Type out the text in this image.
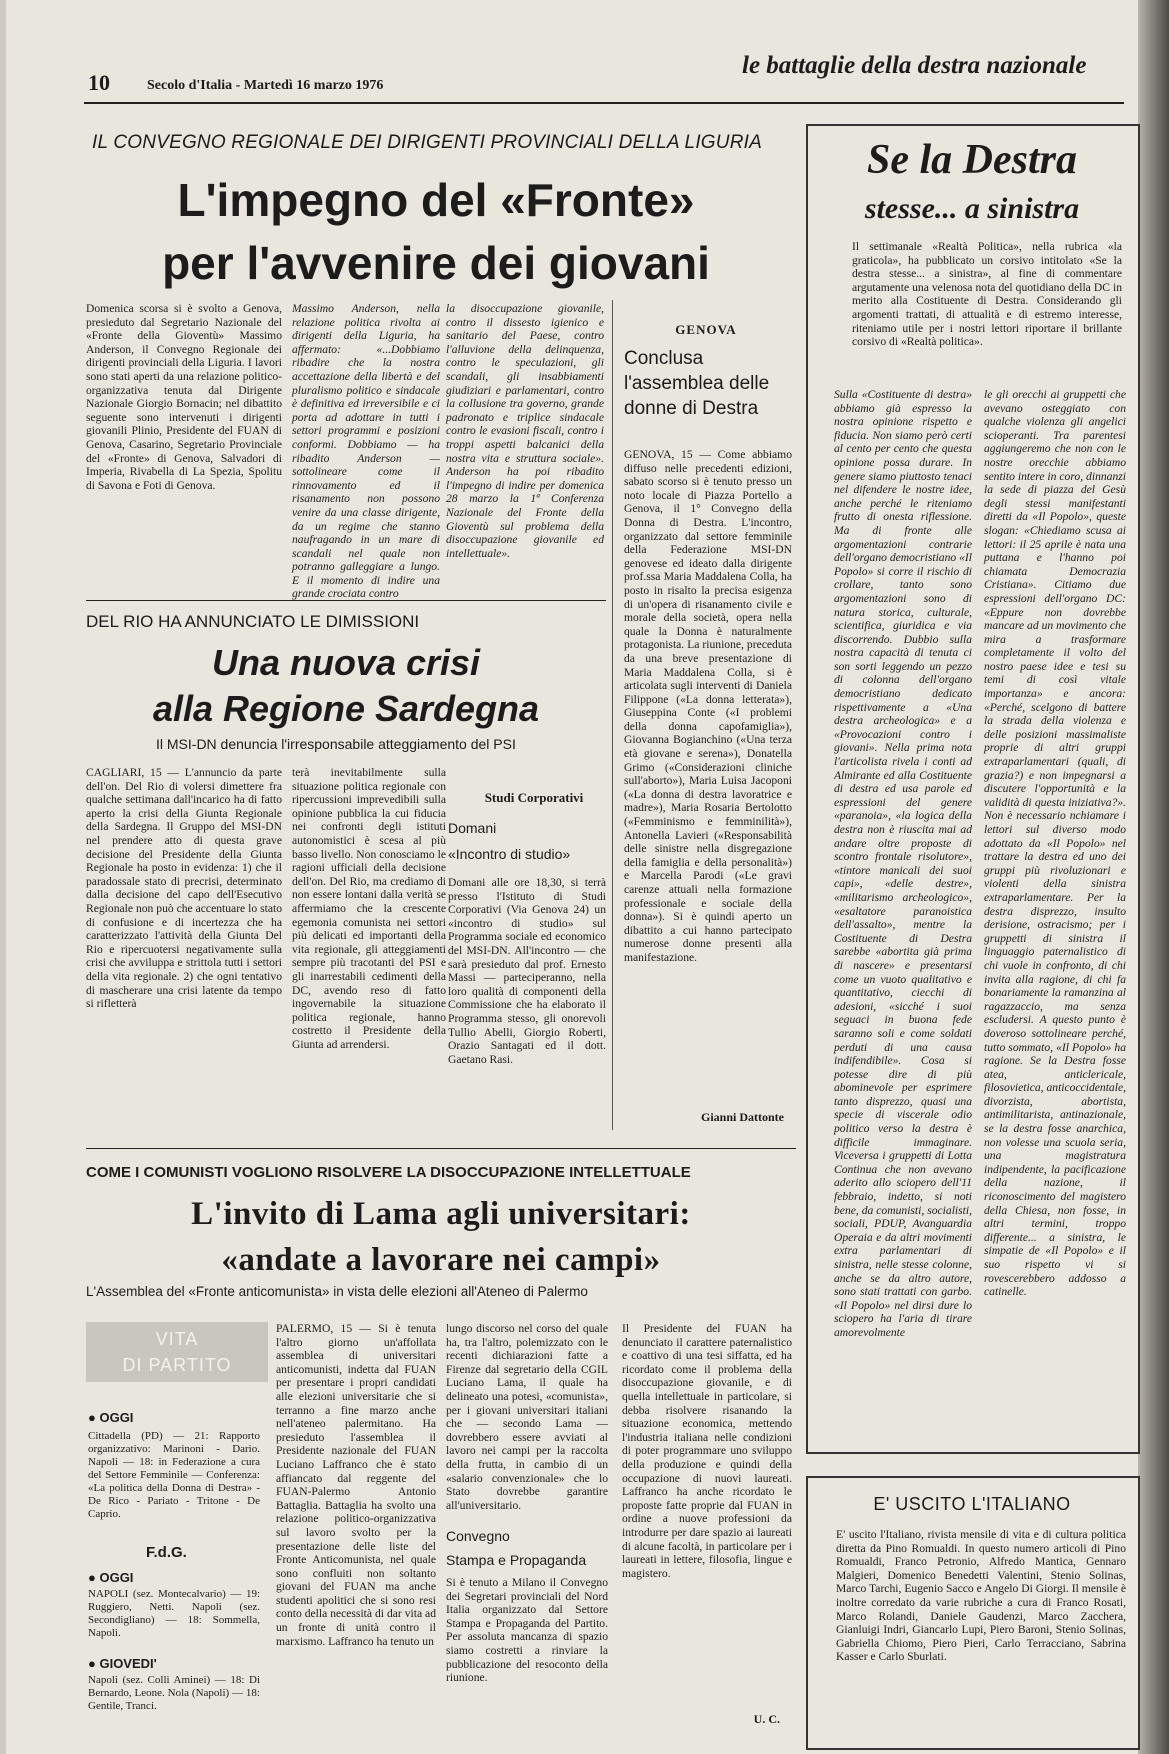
10	Secolo d'Italia - Martedì 16 marzo 1976
le battaglie della destra nazionale
IL CONVEGNO REGIONALE DEI DIRIGENTI PROVINCIALI DELLA LIGURIA
L'impegno del «Fronte»
per l'avvenire dei giovani
Domenica scorsa si è svolto a Genova, presieduto dal Segretario Nazionale del «Fronte della Gioventù» Massimo Anderson, il Convegno Regionale dei dirigenti provinciali della Liguria. I lavori sono stati aperti da una relazione politico-organizzativa tenuta dal Dirigente Nazionale Giorgio Bornacin; nel dibattito seguente sono intervenuti i dirigenti giovanili Plinio, Presidente del FUAN di Genova, Casarino, Segretario Provinciale del «Fronte» di Genova, Salvadori di Imperia, Rivabella di La Spezia, Spolitu di Savona e Foti di Genova.
Massimo Anderson, nella relazione politica rivolta ai dirigenti della Liguria, ha affermato: «...Dobbiamo ribadire che la nostra accettazione della libertà e del pluralismo politico e sindacale è definitiva ed irreversibile e ci porta ad adottare in tutti i settori programmi e posizioni conformi. Dobbiamo — ha ribadito Anderson — sottolineare come il rinnovamento ed il risanamento non possono venire da una classe dirigente, da un regime che stanno naufragando in un mare di scandali nel quale non potranno galleggiare a lungo. E il momento di indire una grande crociata contro
la disoccupazione giovanile, contro il dissesto igienico e sanitario del Paese, contro l'alluvione della delinquenza, contro le speculazioni, gli scandali, gli insabbiamenti giudiziari e parlamentari, contro la collusione tra governo, grande padronato e triplice sindacale contro le evasioni fiscali, contro i troppi aspetti balcanici della nostra vita e struttura sociale». Anderson ha poi ribadito l'impegno di indire per domenica 28 marzo la 1ª Conferenza Nazionale del Fronte della Gioventù sul problema della disoccupazione giovanile ed intellettuale».
GENOVA
Conclusa l'assemblea delle donne di Destra
GENOVA, 15 — Come abbiamo diffuso nelle precedenti edizioni, sabato scorso si è tenuto presso un noto locale di Piazza Portello a Genova, il 1° Convegno della Donna di Destra. L'incontro, organizzato dal settore femminile della Federazione MSI-DN genovese ed ideato dalla dirigente prof.ssa Maria Maddalena Colla, ha posto in risalto la precisa esigenza di un'opera di risanamento civile e morale della società, opera nella quale la Donna è naturalmente protagonista. La riunione, preceduta da una breve presentazione di Maria Maddalena Colla, si è articolata sugli interventi di Daniela Filippone («La donna letterata»), Giuseppina Conte («I problemi della donna capofamiglia»), Giovanna Bogianchino («Una terza età giovane e serena»), Donatella Grimo («Considerazioni cliniche sull'aborto»), Maria Luisa Jacoponi («La donna di destra lavoratrice e madre»), Maria Rosaria Bertolotto («Femminismo e femminilità»), Antonella Lavieri («Responsabilità delle sinistre nella disgregazione della famiglia e della personalità») e Marcella Parodi («Le gravi carenze attuali nella formazione professionale e sociale della donna»). Si è quindi aperto un dibattito a cui hanno partecipato numerose donne presenti alla manifestazione.
Gianni Dattonte
DEL RIO HA ANNUNCIATO LE DIMISSIONI
Una nuova crisi
alla Regione Sardegna
Il MSI-DN denuncia l'irresponsabile atteggiamento del PSI
CAGLIARI, 15 — L'annuncio da parte dell'on. Del Rio di volersi dimettere fra qualche settimana dall'incarico ha di fatto aperto la crisi della Giunta Regionale della Sardegna. Il Gruppo del MSI-DN nel prendere atto di questa grave decisione del Presidente della Giunta Regionale ha posto in evidenza: 1) che il paradossale stato di precrisi, determinato dalla decisione del capo dell'Esecutivo Regionale non può che accentuare lo stato di confusione e di incertezza che ha caratterizzato l'attività della Giunta Del Rio e ripercuotersi negativamente sulla crisi che avviluppa e strittola tutti i settori della vita regionale. 2) che ogni tentativo di mascherare una crisi latente da tempo si rifletterà
terà inevitabilmente sulla situazione politica regionale con ripercussioni imprevedibili sulla opinione pubblica la cui fiducia nei confronti degli istituti autonomistici è scesa al più basso livello. Non conosciamo le ragioni ufficiali della decisione dell'on. Del Rio, ma crediamo di non essere lontani dalla verità se affermiamo che la crescente egemonia comunista nei settori più delicati ed importanti della vita regionale, gli atteggiamenti sempre più tracotanti del PSI e gli inarrestabili cedimenti della DC, avendo reso di fatto ingovernabile la situazione politica regionale, hanno costretto il Presidente della Giunta ad arrendersi.
Studi Corporativi
Domani
«Incontro di studio»
Domani alle ore 18,30, si terrà presso l'Istituto di Studi Corporativi (Via Genova 24) un «incontro di studio» sul Programma sociale ed economico del MSI-DN. All'incontro — che sarà presieduto dal prof. Ernesto Massi — parteciperanno, nella loro qualità di componenti della Commissione che ha elaborato il Programma stesso, gli onorevoli Tullio Abelli, Giorgio Roberti, Orazio Santagati ed il dott. Gaetano Rasi.
Se la Destra
stesse... a sinistra
Il settimanale «Realtà Politica», nella rubrica «la graticola», ha pubblicato un corsivo intitolato «Se la destra stesse... a sinistra», al fine di commentare argutamente una velenosa nota del quotidiano della DC in merito alla Costituente di Destra. Considerando gli argomenti trattati, di attualità e di estremo interesse, riteniamo utile per i nostri lettori riportare il brillante corsivo di «Realtà politica».
Sulla «Costituente di destra» abbiamo già espresso la nostra opinione rispetto e fiducia. Non siamo però certi al cento per cento che questa opinione possa durare. In genere siamo piuttosto tenaci nel difendere le nostre idee, anche perché le riteniamo frutto di onesta riflessione. Ma di fronte alle argomentazioni contrarie dell'organo democristiano «Il Popolo» si corre il rischio di crollare, tanto sono argomentazioni sono di natura storica, culturale, scientifica, giuridica e via discorrendo. Dubbio sulla nostra capacità di tenuta ci son sorti leggendo un pezzo di colonna dell'organo democristiano dedicato rispettivamente a «Una destra archeologica» e a «Provocazioni contro i giovani». Nella prima nota l'articolista rivela i conti ad Almirante ed alla Costituente di destra ed usa parole ed espressioni del genere «paranoia», «la logica della destra non è riuscita mai ad andare oltre proposte di scontro frontale risolutore», «tintore manicali dei suoi capi», «delle destre», «militarismo archeologico», «esaltatore paranoistica dell'assalto», mentre la Costituente di Destra sarebbe «abortita già prima di nascere» e presentarsi come un vuoto qualitativo e quantitativo, ciecchi di adesioni, «sicché i suoi seguaci in buona fede saranno soli e come soldati perduti di una causa indifendibile». Cosa si potesse dire di più abominevole per esprimere tanto disprezzo, quasi una specie di viscerale odio politico verso la destra è difficile immaginare. Viceversa i gruppetti di Lotta Continua che non avevano aderito allo sciopero dell'11 febbraio, indetto, si noti bene, da comunisti, socialisti, sociali, PDUP, Avanguardia Operaia e da altri movimenti extra parlamentari di sinistra, nelle stesse colonne, anche se da altro autore, sono stati trattati con garbo. «Il Popolo» nel dirsi dure lo sciopero ha l'aria di tirare amorevolmente
le gli orecchi ai gruppetti che avevano osteggiato con qualche violenza gli angelici scioperanti. Tra parentesi aggiungeremo che non con le nostre orecchie abbiamo sentito intere in coro, dinnanzi la sede di piazza del Gesù degli stessi manifestanti diretti da «Il Popolo», queste slogan: «Chiediamo scusa ai lettori: il 25 aprile è nata una puttana e l'hanno poi chiamata Democrazia Cristiana». Citiamo due espressioni dell'organo DC: «Eppure non dovrebbe mancare ad un movimento che mira a trasformare completamente il volto del nostro paese idee e tesi su temi di così vitale importanza» e ancora: «Perché, scelgono di battere la strada della violenza e delle posizioni massimaliste proprie di altri gruppi extraparlamentari (quali, di grazia?) e non impegnarsi a discutere l'opportunità e la validità di questa iniziativa?». Non è necessario nchiamare i lettori sul diverso modo adottato da «Il Popolo» nel trattare la destra ed uno dei gruppi più rivoluzionari e violenti della sinistra extraparlamentare. Per la destra disprezzo, insulto derisione, ostracismo; per i gruppetti di sinistra il linguaggio paternalistico di chi vuole in confronto, di chi invita alla ragione, di chi fa bonariamente la ramanzina al ragazzaccio, ma senza escludersi. A questo punto è doveroso sottolineare perché, tutto sommato, «Il Popolo» ha ragione. Se la Destra fosse atea, anticlericale, filosovietica, anticoccidentale, divorzista, abortista, antimilitarista, antinazionale, se la destra fosse anarchica, non volesse una scuola seria, una magistratura indipendente, la pacificazione della nazione, il riconoscimento del magistero della Chiesa, non fosse, in altri termini, troppo differente... a sinistra, le simpatie de «Il Popolo» e il suo rispetto vi si rovescerebbero addosso a catinelle.
COME I COMUNISTI VOGLIONO RISOLVERE LA DISOCCUPAZIONE INTELLETTUALE
L'invito di Lama agli universitari:
«andate a lavorare nei campi»
L'Assemblea del «Fronte anticomunista» in vista delle elezioni all'Ateneo di Palermo
VITA
DI PARTITO
● OGGI
Cittadella (PD) — 21: Rapporto organizzativo: Marinoni - Dario. Napoli — 18: in Federazione a cura del Settore Femminile — Conferenza: «La politica della Donna di Destra» - De Rico - Pariato - Tritone - De Caprio.
F.d.G.
● OGGI
NAPOLI (sez. Montecalvario) — 19: Ruggiero, Netti. Napoli (sez. Secondigliano) — 18: Sommella, Napoli.
● GIOVEDI'
Napoli (sez. Colli Aminei) — 18: Di Bernardo, Leone. Nola (Napoli) — 18: Gentile, Tranci.
PALERMO, 15 — Si è tenuta l'altro giorno un'affollata assemblea di universitari anticomunisti, indetta dal FUAN per presentare i propri candidati alle elezioni universitarie che si terranno a fine marzo anche nell'ateneo palermitano. Ha presieduto l'assemblea il Presidente nazionale del FUAN Luciano Laffranco che è stato affiancato dal reggente del FUAN-Palermo Antonio Battaglia. Battaglia ha svolto una relazione politico-organizzativa sul lavoro svolto per la presentazione delle liste del Fronte Anticomunista, nel quale sono confluiti non soltanto giovani del FUAN ma anche studenti apolitici che si sono resi conto della necessità di dar vita ad un fronte di unità contro il marxismo. Laffranco ha tenuto un
lungo discorso nel corso del quale ha, tra l'altro, polemizzato con le recenti dichiarazioni fatte a Firenze dal segretario della CGIL Luciano Lama, il quale ha delineato una potesi, «comunista», per i giovani universitari italiani che — secondo Lama — dovrebbero essere avviati al lavoro nei campi per la raccolta della frutta, in cambio di un «salario convenzionale» che lo Stato dovrebbe garantire all'universitario.
Il Presidente del FUAN ha denunciato il carattere paternalistico e coattivo di una tesi siffatta, ed ha ricordato come il problema della disoccupazione giovanile, e di quella intellettuale in particolare, si debba risolvere risanando la situazione economica, mettendo l'industria italiana nelle condizioni di poter programmare uno sviluppo della produzione e quindi della occupazione di nuovi laureati. Laffranco ha anche ricordato le proposte fatte proprie dal FUAN in ordine a nuove professioni da introdurre per dare spazio ai laureati di alcune facoltà, in particolare per i laureati in lettere, filosofia, lingue e magistero.
U. C.
Convegno
Stampa e Propaganda
Si è tenuto a Milano il Convegno dei Segretari provinciali del Nord Italia organizzato dal Settore Stampa e Propaganda del Partito. Per assoluta mancanza di spazio siamo costretti a rinviare la pubblicazione del resoconto della riunione.
E' USCITO L'ITALIANO
E' uscito l'Italiano, rivista mensile di vita e di cultura politica diretta da Pino Romualdi. In questo numero articoli di Pino Romualdi, Franco Petronio, Alfredo Mantica, Gennaro Malgieri, Domenico Benedetti Valentini, Stenio Solinas, Marco Tarchi, Eugenio Sacco e Angelo Di Giorgi. Il mensile è inoltre corredato da varie rubriche a cura di Franco Rosati, Marco Rolandi, Daniele Gaudenzi, Marco Zacchera, Gianluigi Indri, Giancarlo Lupi, Piero Baroni, Stenio Solinas, Gabriella Chiomo, Piero Pieri, Carlo Terracciano, Sabrina Kasser e Carlo Sburlati.
